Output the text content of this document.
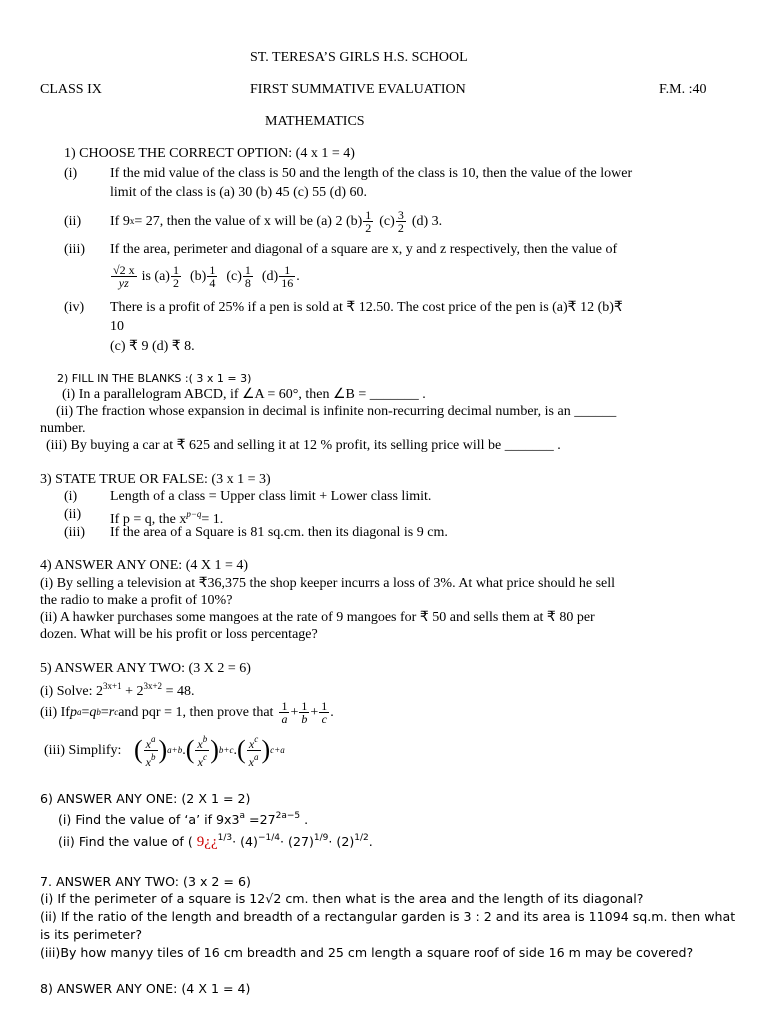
ST. TERESA’S GIRLS H.S. SCHOOL
CLASS IX	FIRST SUMMATIVE EVALUATION	F.M. :40
MATHEMATICS
1) CHOOSE THE CORRECT OPTION: (4 x 1 = 4)
(i) If the mid value of the class is 50 and the length of the class is 10, then the value of the lower
limit of the class is (a) 30 (b) 45 (c) 55 (d) 60.
(ii) If 9 x = 27, then the value of x will be (a) 2 $(b) \frac{1}{2} (c) \frac{3}{2} (d)$ 3.
(iii) If the area, perimeter and diagonal of a square are x, y and z respectively, then the value of
$\frac{√2 x}{yz}$ is $(a) \frac{1}{2} (b) \frac{1}{4} (c) \frac{1}{8} (d) \frac{1}{16}$ .
(iv) There is a profit of 25% if a pen is sold at ₹ 12.50. The cost price of the pen is (a)₹ 12 (b)₹
10
(c) ₹ 9 (d) ₹ 8.
2) FILL IN THE BLANKS :( 3 x 1 = 3)
(i) In a parallelogram ABCD, if ∠A = 60°, then ∠B = _______ .
(ii) The fraction whose expansion in decimal is infinite non-recurring decimal number, is an ______
number.
(iii) By buying a car at ₹ 625 and selling it at 12 % profit, its selling price will be _______ .
3) STATE TRUE OR FALSE: (3 x 1 = 3)
(i) Length of a class = Upper class limit + Lower class limit.
(ii) If p = q, the $x^{p-q}= 1$.
(iii) If the area of a Square is 81 sq.cm. then its diagonal is 9 cm.
4) ANSWER ANY ONE: (4 X 1 = 4)
(i) By selling a television at ₹36,375 the shop keeper incurrs a loss of 3%. At what price should he sell
the radio to make a profit of 10%?
(ii) A hawker purchases some mangoes at the rate of 9 mangoes for ₹ 50 and sells them at ₹ 80 per
dozen. What will be his profit or loss percentage?
5) ANSWER ANY TWO: (3 X 2 = 6)
(i) Solve: $2^{3x+1} + 2^{3x+2} = 48$.
(ii) If p a = q b = r c and pqr = 1, then prove that $\frac{1}{a} + \frac{1}{b} + \frac{1}{c}$ .
(iii) Simplify: ( $\frac{x^a}{x^b}$ ) a+b . ( $\frac{x^b}{x^c}$ ) b+c . ( $\frac{x^c}{x^a}$ ) c+a
6) ANSWER ANY ONE: (2 X 1 = 2)
(i) Find the value of ‘a’ if $9x3^a =27^{2a-5}$ .
(ii) Find the value of ( 9¿¿$^{1/3}$· $(4)^{-1/4}\cdot (27)^{1/9}\cdot (2)^{1/2}$.
7. ANSWER ANY TWO: (3 x 2 = 6)
(i) If the perimeter of a square is 12√2 cm. then what is the area and the length of its diagonal?
(ii) If the ratio of the length and breadth of a rectangular garden is 3 : 2 and its area is 11094 sq.m. then what
is its perimeter?
(iii)By how manyy tiles of 16 cm breadth and 25 cm length a square roof of side 16 m may be covered?
8) ANSWER ANY ONE: (4 X 1 = 4)
